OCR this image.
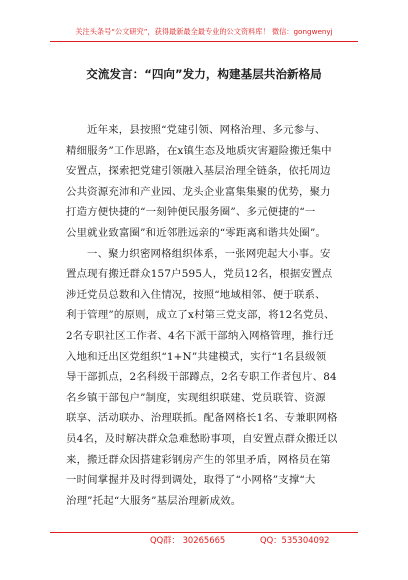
关注头条号“公文研究”，获得最新最全最专业的公文资料库！ 微信：gongwenyj
交流发言：“四向”发力，构建基层共治新格局
近年来，县按照“党建引领、网格治理、多元参与、
精细服务”工作思路，在x镇生态及地质灾害避险搬迁集中
安置点，探索把党建引领融入基层治理全链条，依托周边
公共资源充沛和产业园、龙头企业富集集聚的优势，聚力
打造方便快捷的“一刻钟便民服务圈”、多元便捷的“一
公里就业致富圈”和近邻胜远亲的“零距离和谐共处圈”。
一、聚力织密网格组织体系，一张网兜起大小事。安
置点现有搬迁群众157户595人，党员12名，根据安置点
涉迁党员总数和入住情况，按照“地域相邻、便于联系、
利于管理”的原则，成立了x村第三党支部，将12名党员、
2名专职社区工作者、4名下派干部纳入网格管理，推行迁
入地和迁出区党组织“1+N”共建模式，实行“1名县级领
导干部抓点，2名科级干部蹲点，2名专职工作者包片、84
名乡镇干部包户”制度，实现组织联建、党员联管、资源
联享、活动联办、治理联抓。配备网格长1名、专兼职网格
员4名，及时解决群众急难愁盼事项，自安置点群众搬迁以
来，搬迁群众因搭建彩钢房产生的邻里矛盾，网格员在第
一时间掌握并及时得到调处，取得了“小网格”支撑“大
治理”托起“大服务”基层治理新成效。
QQ群： 30265665	QQ：535304092
